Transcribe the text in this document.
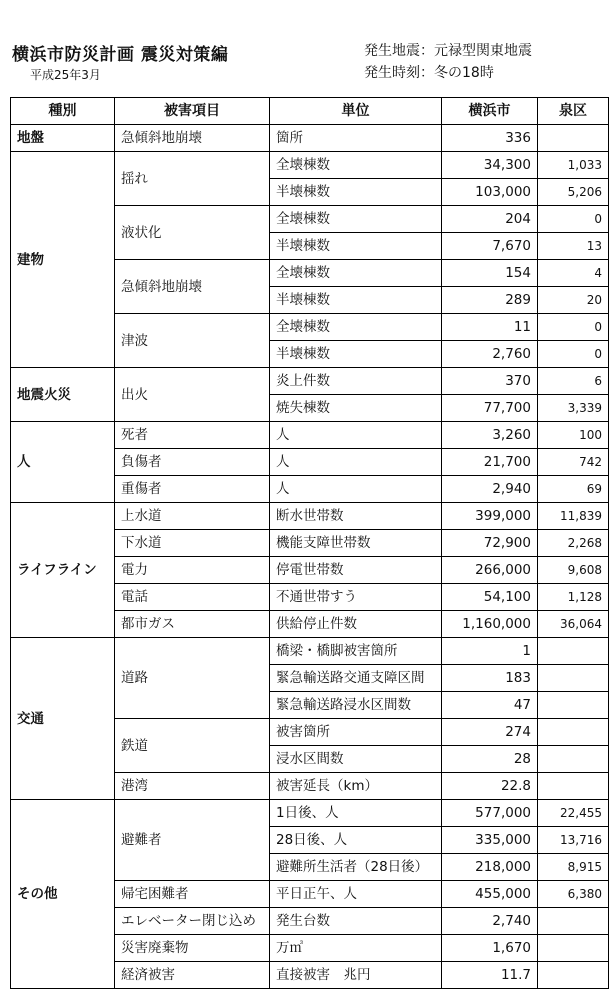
横浜市防災計画 震災対策編
平成25年3月
発生地震：元禄型関東地震
発生時刻：冬の18時
種別	被害項目	単位	横浜市	泉区
地盤	急傾斜地崩壊	箇所	336	
建物	揺れ	全壊棟数	34,300	1,033
		半壊棟数	103,000	5,206
	液状化	全壊棟数	204	0
		半壊棟数	7,670	13
	急傾斜地崩壊	全壊棟数	154	4
		半壊棟数	289	20
	津波	全壊棟数	11	0
		半壊棟数	2,760	0
地震火災	出火	炎上件数	370	6
		焼失棟数	77,700	3,339
人	死者	人	3,260	100
	負傷者	人	21,700	742
	重傷者	人	2,940	69
ライフライン	上水道	断水世帯数	399,000	11,839
	下水道	機能支障世帯数	72,900	2,268
	電力	停電世帯数	266,000	9,608
	電話	不通世帯すう	54,100	1,128
	都市ガス	供給停止件数	1,160,000	36,064
交通	道路	橋梁・橋脚被害箇所	1	
		緊急輸送路交通支障区間	183	
		緊急輸送路浸水区間数	47	
	鉄道	被害箇所	274	
		浸水区間数	28	
	港湾	被害延長（km）	22.8	
その他	避難者	1日後、人	577,000	22,455
		28日後、人	335,000	13,716
		避難所生活者（28日後）	218,000	8,915
	帰宅困難者	平日正午、人	455,000	6,380
	エレベーター閉じ込め	発生台数	2,740	
	災害廃棄物	万㎥	1,670	
	経済被害	直接被害　兆円	11.7	
